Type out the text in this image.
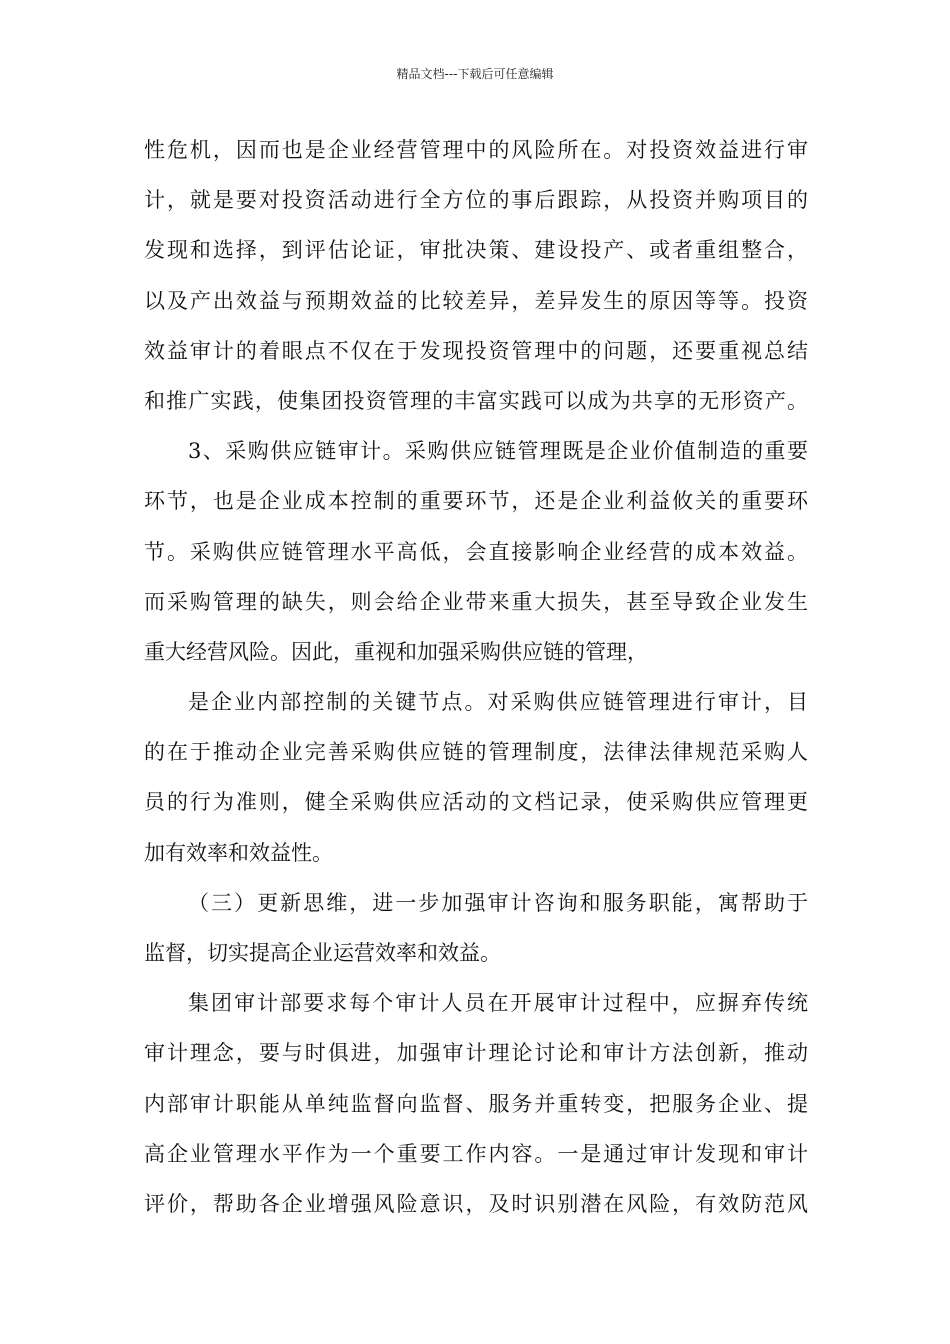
精品文档---下载后可任意编辑
性危机，因而也是企业经营管理中的风险所在。对投资效益进行审
计，就是要对投资活动进行全方位的事后跟踪，从投资并购项目的
发现和选择，到评估论证，审批决策、建设投产、或者重组整合，
以及产出效益与预期效益的比较差异，差异发生的原因等等。投资
效益审计的着眼点不仅在于发现投资管理中的问题，还要重视总结
和推广实践，使集团投资管理的丰富实践可以成为共享的无形资产。
3、采购供应链审计。采购供应链管理既是企业价值制造的重要
环节，也是企业成本控制的重要环节，还是企业利益攸关的重要环
节。采购供应链管理水平高低，会直接影响企业经营的成本效益。
而采购管理的缺失，则会给企业带来重大损失，甚至导致企业发生
重大经营风险。因此，重视和加强采购供应链的管理，
是企业内部控制的关键节点。对采购供应链管理进行审计，目
的在于推动企业完善采购供应链的管理制度，法律法律规范采购人
员的行为准则，健全采购供应活动的文档记录，使采购供应管理更
加有效率和效益性。
（三）更新思维，进一步加强审计咨询和服务职能，寓帮助于
监督，切实提高企业运营效率和效益。
集团审计部要求每个审计人员在开展审计过程中，应摒弃传统
审计理念，要与时俱进，加强审计理论讨论和审计方法创新，推动
内部审计职能从单纯监督向监督、服务并重转变，把服务企业、提
高企业管理水平作为一个重要工作内容。一是通过审计发现和审计
评价，帮助各企业增强风险意识，及时识别潜在风险，有效防范风
